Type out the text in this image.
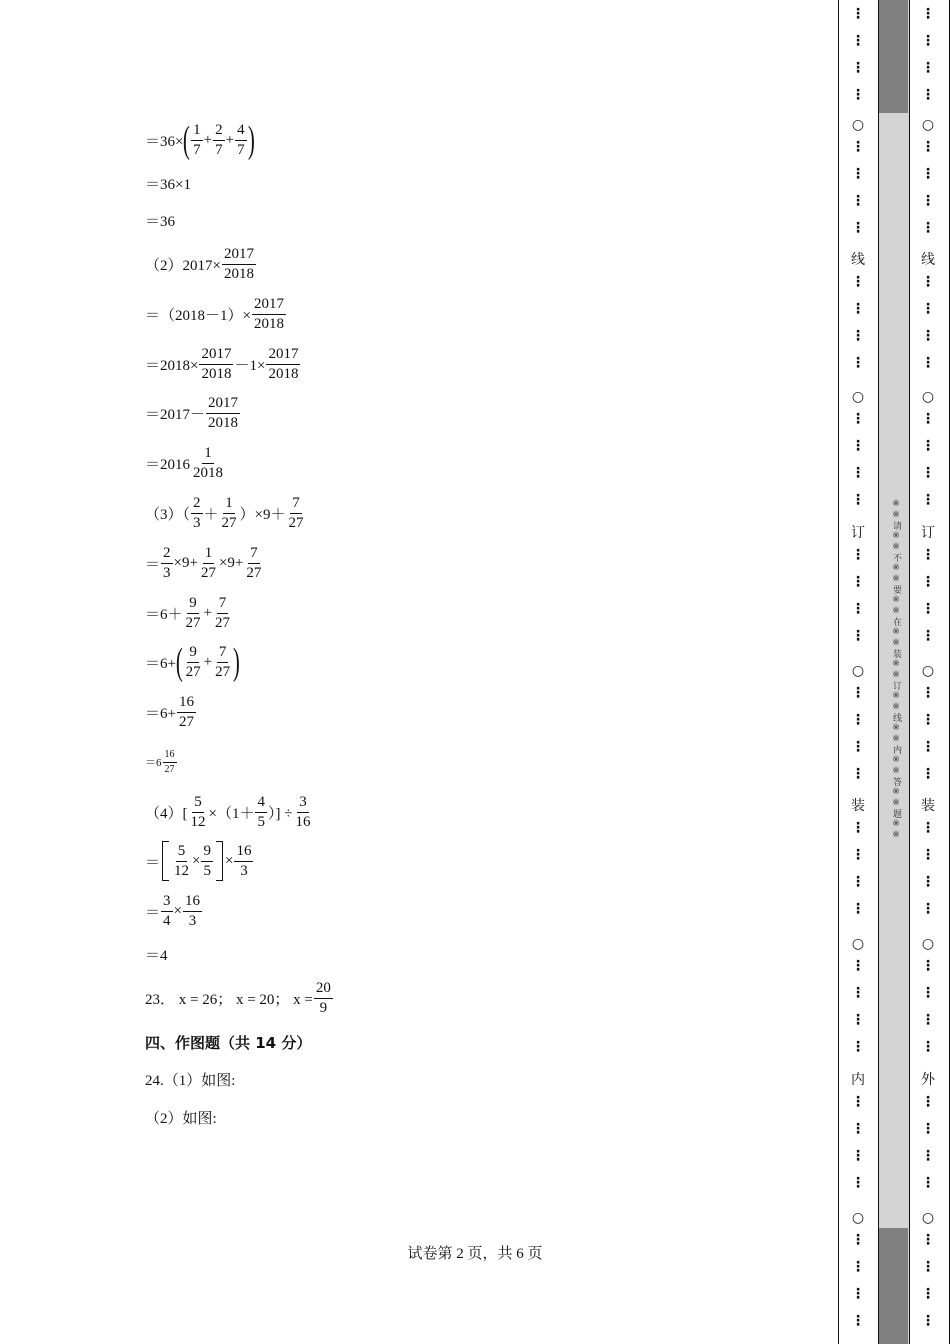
＝36× ( $\frac{1}{7} + \frac{2}{7} + \frac{4}{7}$ )
＝36×1
＝36
$(2)2017\times \frac{2017}{2018}$
$=(2018-1)\times \frac{2017}{2018}$
$=2018\times \frac{2017}{2018} -1\times \frac{2017}{2018}$
$=2017- \frac{2017}{2018}$
$=2016 \frac{1}{2018}$
$(3)( \frac{2}{3} + \frac{1}{27} )\times 9+ \frac{7}{27}$
＝ $\frac{2}{3} \times 9+ \frac{1}{27} \times 9+ \frac{7}{27}$
$=6+ \frac{9}{27} + \frac{7}{27}$
＝6+ ( $\frac{9}{27} + \frac{7}{27}$ )
$=6+ \frac{16}{27}$
$=6 \frac{16}{27}$
$(4)[ \frac{5}{12} \times(1+ \frac{4}{5}$ ）] ÷ $\frac{3}{16}$
＝ $\frac{5}{12} \times \frac{9}{5} \times \frac{16}{3}$
＝ $\frac{3}{4} \times \frac{16}{3}$
＝4
23． x = 26； x = 20； $x = \frac{20}{9}$
四、作图题（共 14 分）
24.（1）如图:
（2）如图:
试卷第 2 页，共 6 页
※※请※※不※※要※※在※※装※※订※※线※※内※※答※※题※※
⋮
⋮
⋮
⋮
○
⋮
⋮
⋮
⋮
线
⋮
⋮
⋮
⋮
○
⋮
⋮
⋮
⋮
订
⋮
⋮
⋮
⋮
○
⋮
⋮
⋮
⋮
装
⋮
⋮
⋮
⋮
○
⋮
⋮
⋮
⋮
内
⋮
⋮
⋮
⋮
○
⋮
⋮
⋮
⋮
⋮
⋮
⋮
⋮
○
⋮
⋮
⋮
⋮
线
⋮
⋮
⋮
⋮
○
⋮
⋮
⋮
⋮
订
⋮
⋮
⋮
⋮
○
⋮
⋮
⋮
⋮
装
⋮
⋮
⋮
⋮
○
⋮
⋮
⋮
⋮
外
⋮
⋮
⋮
⋮
○
⋮
⋮
⋮
⋮
